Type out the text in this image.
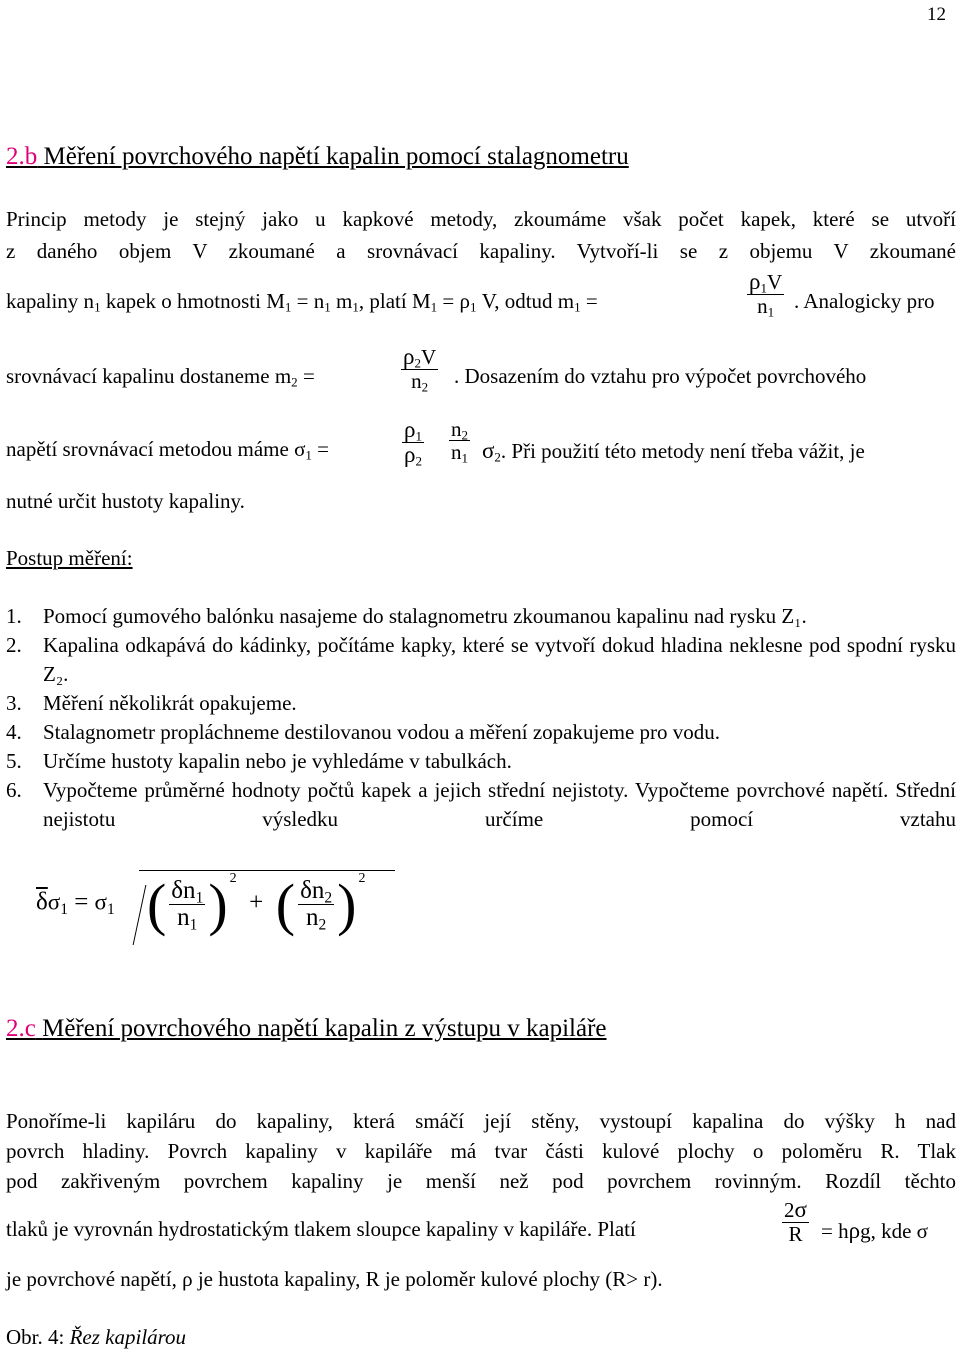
12
2.b Měření povrchového napětí kapalin pomocí stalagnometru
Princip metody je stejný jako u kapkové metody, zkoumáme však počet kapek, které se utvoří
z daného objem V zkoumané a srovnávací kapaliny. Vytvoří-li se z objemu V zkoumané
kapaliny $n_1$ kapek o hmotnosti $M_1 = n_1$ $m_1$, platí $M_1 = \rho_1$ V, odtud $m_1$ =	$\frac{\rho_1V}{n_1}$ . Analogicky pro
srovnávací kapalinu dostaneme $m_2$ =	$\frac{\rho_2V}{n_2}$ . Dosazením do vztahu pro výpočet povrchového
napětí srovnávací metodou máme $\sigma_1$ =	$\frac{\rho_1}{\rho_2} \frac{n_2}{n_1} \sigma_2$. Při použití této metody není třeba vážit, je
nutné určit hustoty kapaliny.
Postup měření:
1. Pomocí gumového balónku nasajeme do stalagnometru zkoumanou kapalinu nad rysku Z₁.
2. Kapalina odkapává do kádinky, počítáme kapky, které se vytvoří dokud hladina neklesne pod spodní rysku Z₂.
3. Měření několikrát opakujeme.
4. Stalagnometr propláchneme destilovanou vodou a měření zopakujeme pro vodu.
5. Určíme hustoty kapalin nebo je vyhledáme v tabulkách.
6. Vypočteme průměrné hodnoty počtů kapek a jejich střední nejistoty. Vypočteme povrchové napětí. Střední nejistotu výsledku určíme pomocí vztahu
$\overline{\delta}\sigma_1 = \sigma_1$ ( $\frac{\delta n_1}{n_1}$ ) $^2$  +  ( $\frac{\delta n_2}{n_2}$ ) $^2$
2.c Měření povrchového napětí kapalin z výstupu v kapiláře
Ponoříme-li kapiláru do kapaliny, která smáčí její stěny, vystoupí kapalina do výšky h nad
povrch hladiny. Povrch kapaliny v kapiláře má tvar části kulové plochy o poloměru R. Tlak
pod zakřiveným povrchem kapaliny je menší než pod povrchem rovinným. Rozdíl těchto
tlaků je vyrovnán hydrostatickým tlakem sloupce kapaliny v kapiláře. Platí	$\frac{2\sigma}{R} = h\rho g$, kde σ
je povrchové napětí, ρ je hustota kapaliny, R je poloměr kulové plochy (R> r).
Obr. 4: Řez kapilárou
